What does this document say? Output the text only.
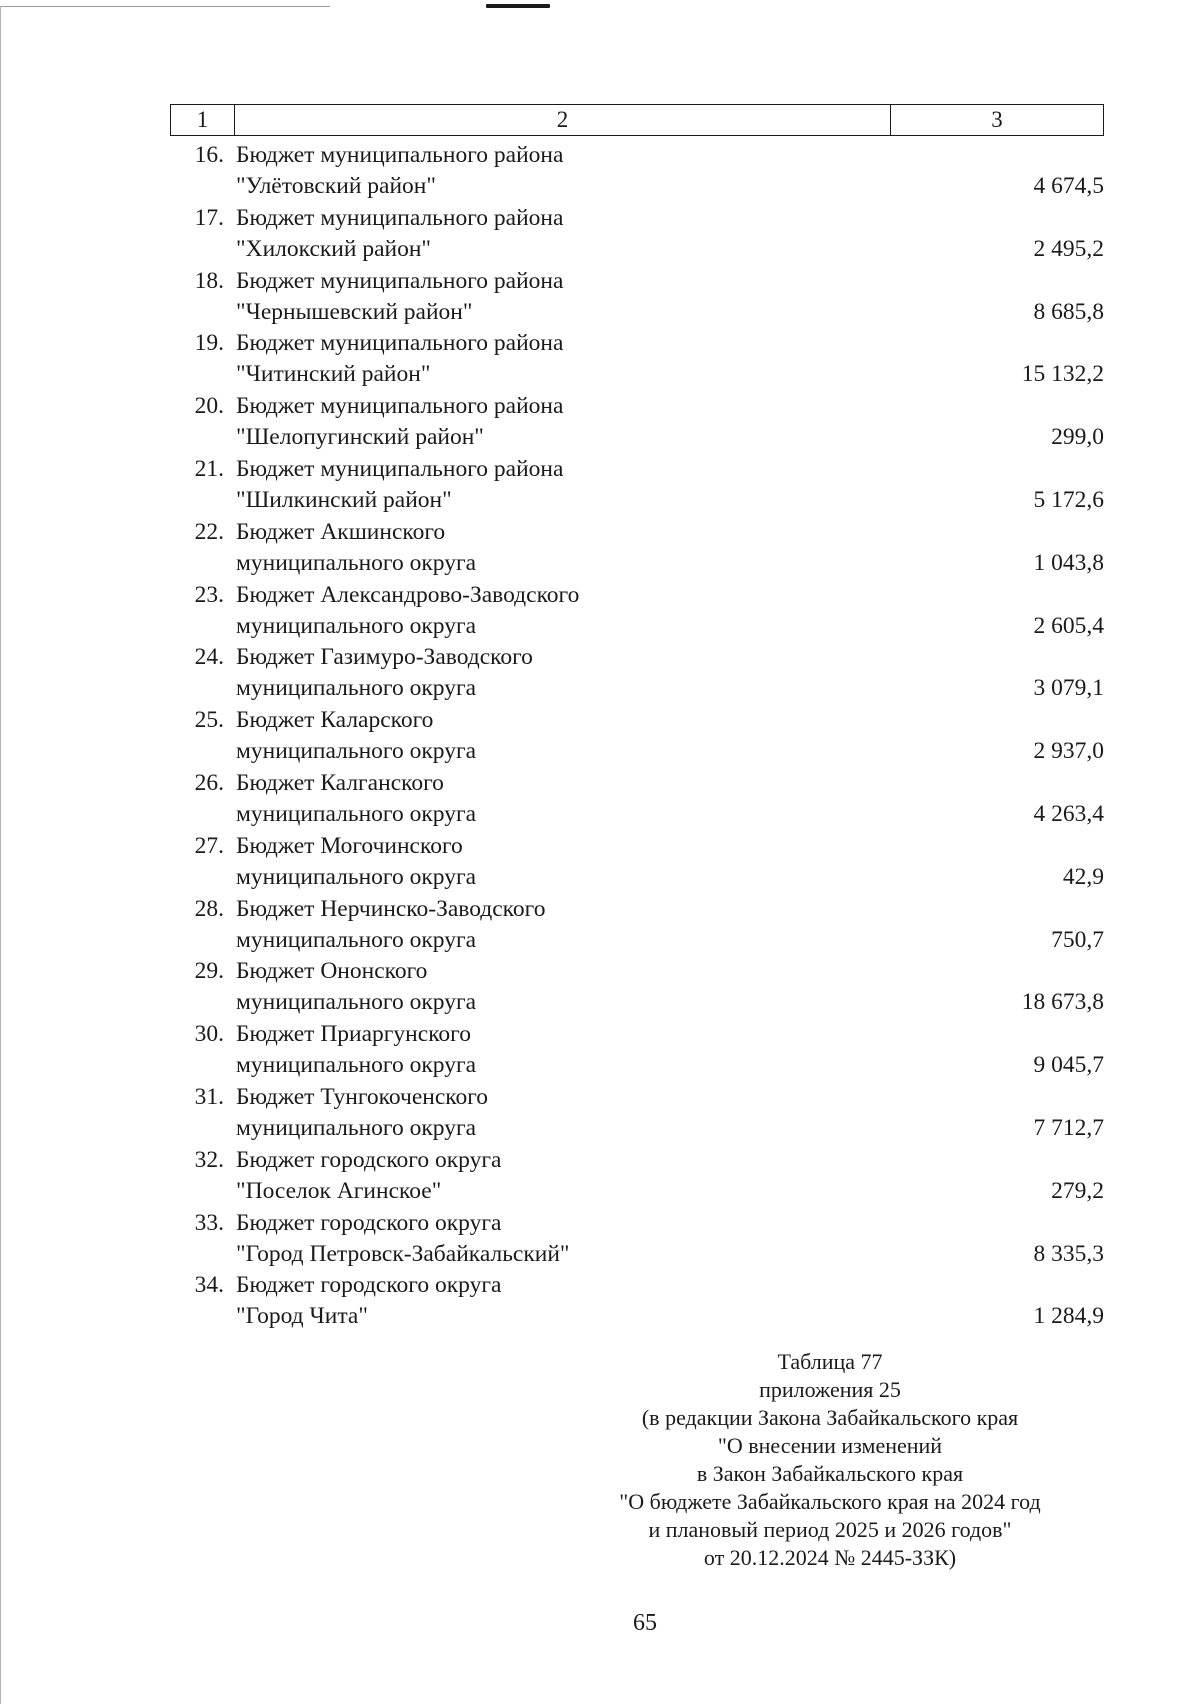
1	2	3
16. Бюджет муниципального района
"Улётовский район"	4 674,5
17. Бюджет муниципального района
"Хилокский район"	2 495,2
18. Бюджет муниципального района
"Чернышевский район"	8 685,8
19. Бюджет муниципального района
"Читинский район"	15 132,2
20. Бюджет муниципального района
"Шелопугинский район"	299,0
21. Бюджет муниципального района
"Шилкинский район"	5 172,6
22. Бюджет Акшинского
муниципального округа	1 043,8
23. Бюджет Александрово-Заводского
муниципального округа	2 605,4
24. Бюджет Газимуро-Заводского
муниципального округа	3 079,1
25. Бюджет Каларского
муниципального округа	2 937,0
26. Бюджет Калганского
муниципального округа	4 263,4
27. Бюджет Могочинского
муниципального округа	42,9
28. Бюджет Нерчинско-Заводского
муниципального округа	750,7
29. Бюджет Ононского
муниципального округа	18 673,8
30. Бюджет Приаргунского
муниципального округа	9 045,7
31. Бюджет Тунгокоченского
муниципального округа	7 712,7
32. Бюджет городского округа
"Поселок Агинское"	279,2
33. Бюджет городского округа
"Город Петровск-Забайкальский"	8 335,3
34. Бюджет городского округа
"Город Чита"	1 284,9
Таблица 77
приложения 25
(в редакции Закона Забайкальского края
"О внесении изменений
в Закон Забайкальского края
"О бюджете Забайкальского края на 2024 год
и плановый период 2025 и 2026 годов"
от 20.12.2024 № 2445-ЗЗК)
65
